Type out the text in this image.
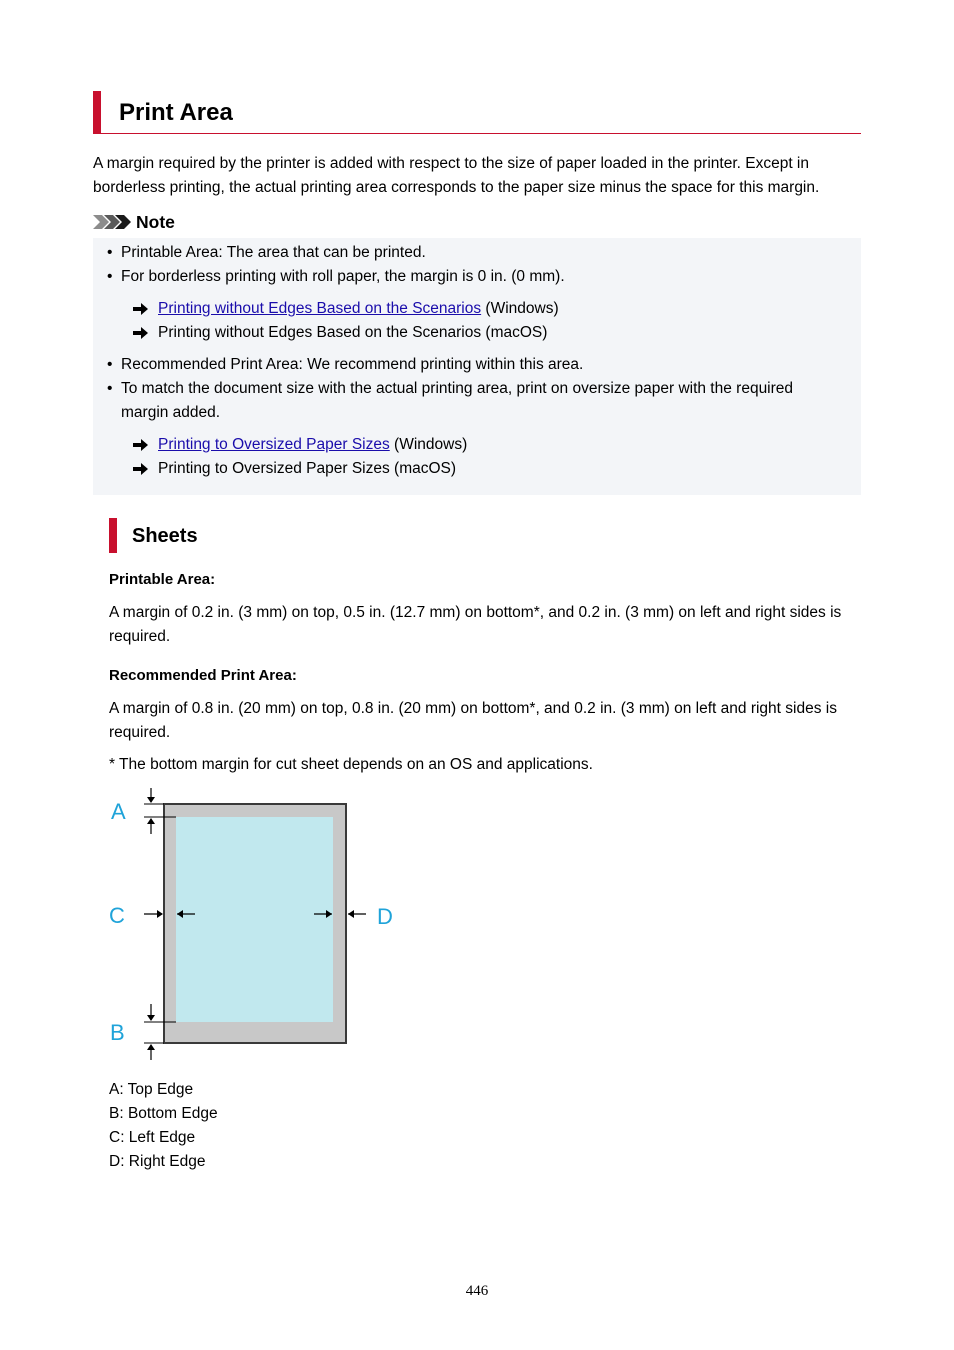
Print Area
A margin required by the printer is added with respect to the size of paper loaded in the printer. Except in borderless printing, the actual printing area corresponds to the paper size minus the space for this margin.
Note
• Printable Area: The area that can be printed.
• For borderless printing with roll paper, the margin is 0 in. (0 mm).
Printing without Edges Based on the Scenarios (Windows)
Printing without Edges Based on the Scenarios (macOS)
• Recommended Print Area: We recommend printing within this area.
• To match the document size with the actual printing area, print on oversize paper with the required margin added.
Printing to Oversized Paper Sizes (Windows)
Printing to Oversized Paper Sizes (macOS)
Sheets
Printable Area:
A margin of 0.2 in. (3 mm) on top, 0.5 in. (12.7 mm) on bottom*, and 0.2 in. (3 mm) on left and right sides is required.
Recommended Print Area:
A margin of 0.8 in. (20 mm) on top, 0.8 in. (20 mm) on bottom*, and 0.2 in. (3 mm) on left and right sides is required.
* The bottom margin for cut sheet depends on an OS and applications.
A
C	D
B
A: Top Edge
B: Bottom Edge
C: Left Edge
D: Right Edge
446
